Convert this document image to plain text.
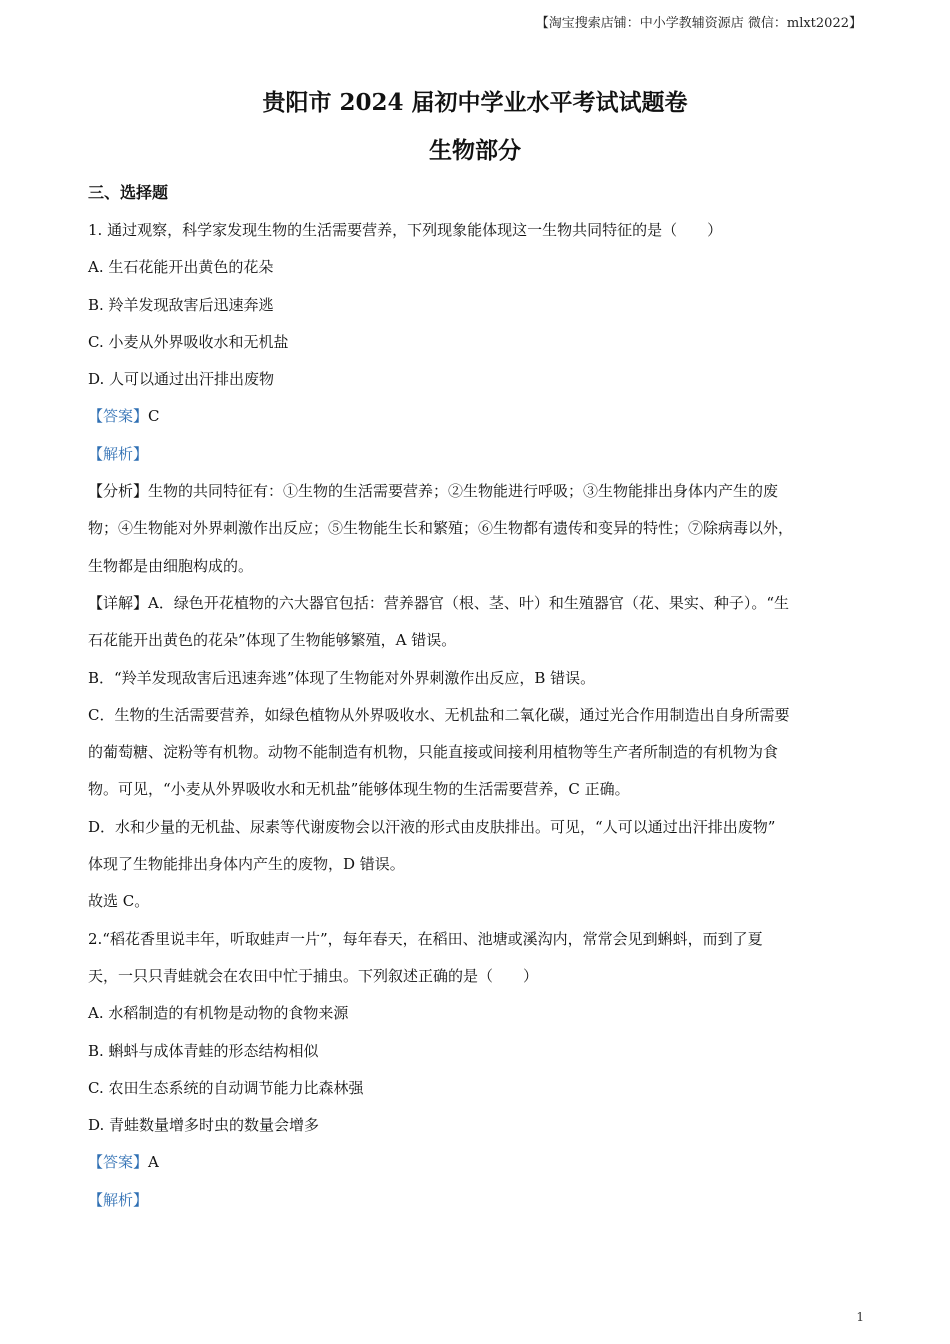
【淘宝搜索店铺：中小学教辅资源店 微信：mlxt2022】
贵阳市 2024 届初中学业水平考试试题卷
生物部分
三、选择题
1. 通过观察，科学家发现生物的生活需要营养，下列现象能体现这一生物共同特征的是（　　）
A. 生石花能开出黄色的花朵
B. 羚羊发现敌害后迅速奔逃
C. 小麦从外界吸收水和无机盐
D. 人可以通过出汗排出废物
【答案】C
【解析】
【分析】生物的共同特征有：①生物的生活需要营养；②生物能进行呼吸；③生物能排出身体内产生的废
物；④生物能对外界刺激作出反应；⑤生物能生长和繁殖；⑥生物都有遗传和变异的特性；⑦除病毒以外，
生物都是由细胞构成的。
【详解】A．绿色开花植物的六大器官包括：营养器官（根、茎、叶）和生殖器官（花、果实、种子）。“生
石花能开出黄色的花朵”体现了生物能够繁殖，A 错误。
B．“羚羊发现敌害后迅速奔逃”体现了生物能对外界刺激作出反应，B 错误。
C．生物的生活需要营养，如绿色植物从外界吸收水、无机盐和二氧化碳，通过光合作用制造出自身所需要
的葡萄糖、淀粉等有机物。动物不能制造有机物，只能直接或间接利用植物等生产者所制造的有机物为食
物。可见，“小麦从外界吸收水和无机盐”能够体现生物的生活需要营养，C 正确。
D．水和少量的无机盐、尿素等代谢废物会以汗液的形式由皮肤排出。可见，“人可以通过出汗排出废物”
体现了生物能排出身体内产生的废物，D 错误。
故选 C。
2.“稻花香里说丰年，听取蛙声一片”，每年春天，在稻田、池塘或溪沟内，常常会见到蝌蚪，而到了夏
天，一只只青蛙就会在农田中忙于捕虫。下列叙述正确的是（　　）
A. 水稻制造的有机物是动物的食物来源
B. 蝌蚪与成体青蛙的形态结构相似
C. 农田生态系统的自动调节能力比森林强
D. 青蛙数量增多时虫的数量会增多
【答案】A
【解析】
1
